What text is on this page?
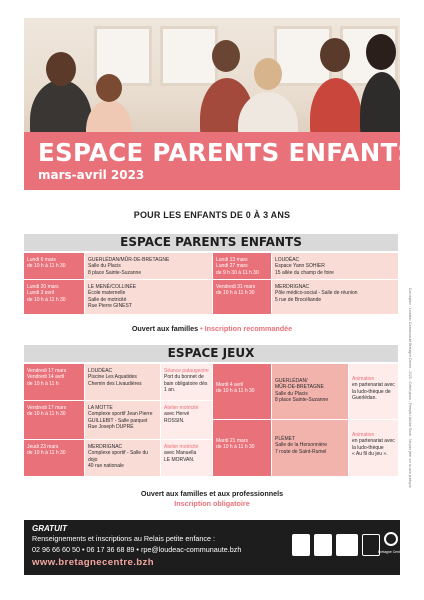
ESPACE PARENTS ENFANTS
mars-avril 2023
POUR LES ENFANTS DE 0 À 3 ANS
ESPACE PARENTS ENFANTS
Lundi 6 mars
de 10 h à 11 h 30
GUERLÉDAN/MÛR-DE-BRETAGNE
Salle du Placis
8 place Sainte-Suzanne
Lundi 13 mars
Lundi 27 mars
de 9 h 30 à 11 h 30
LOUDÉAC
Espace Yann SOHIER
15 allée du champ de foire
Lundi 20 mars
Lundi 3 avril
de 10 h à 11 h 30
LE MENÉ/COLLINÉE
École maternelle
Salle de motricité
Rue Pierre GINEST
Vendredi 31 mars
de 10 h à 11 h 30
MERDRIGNAC
Pôle médico-social - Salle de réunion
5 rue de Brocéliande
Ouvert aux familles • Inscription recommandée
ESPACE JEUX
Vendredi 17 mars
Vendredi 14 avril
de 10 h à 11 h
LOUDÉAC
Piscine Les Aquatides
Chemin des Livaudières
Séance pataugeoire
Port du bonnet de bain obligatoire dès 1 an.
Vendredi 17 mars
de 10 h à 11 h 30
LA MOTTE
Complexe sportif Jean Pierre GUILLEBIT - Salle parquet
Rue Joseph DUPRÉ
Atelier motricité
avec Hervé
ROSSIN.
Jeudi 23 mars
de 10 h à 11 h 30
MERDRIGNAC
Complexe sportif - Salle du dojo
40 rue nationale
Atelier motricité
avec Manuella
LE MORVAN.
Mardi 4 avril
de 10 h à 11 h 30
GUERLÉDAN/
MÛR-DE-BRETAGNE
Salle du Placis
8 place Sainte-Suzanne
Animation
en partenariat avec la ludo-thèque de Guerlédan.
Mardi 21 mars
de 10 h à 11 h 30
PLÉMET
Salle de la Hersonnière
7 route de Saint-Rumel
Animation
en partenariat avec la ludo-thèque
« Au fil du jeu ».
Ouvert aux familles et aux professionnels
Inscription obligatoire
Conception : Loudéac Communauté Bretagne Centre - 2023 - Crédit photo : Freepik / Adobe Stock - Ne pas jeter sur la voie publique
GRATUIT
Renseignements et inscriptions au Relais petite enfance :
02 96 66 60 50 • 06 17 36 68 89 • rpe@loudeac-communaute.bzh
www.bretagnecentre.bzh
Bretagne Centre
